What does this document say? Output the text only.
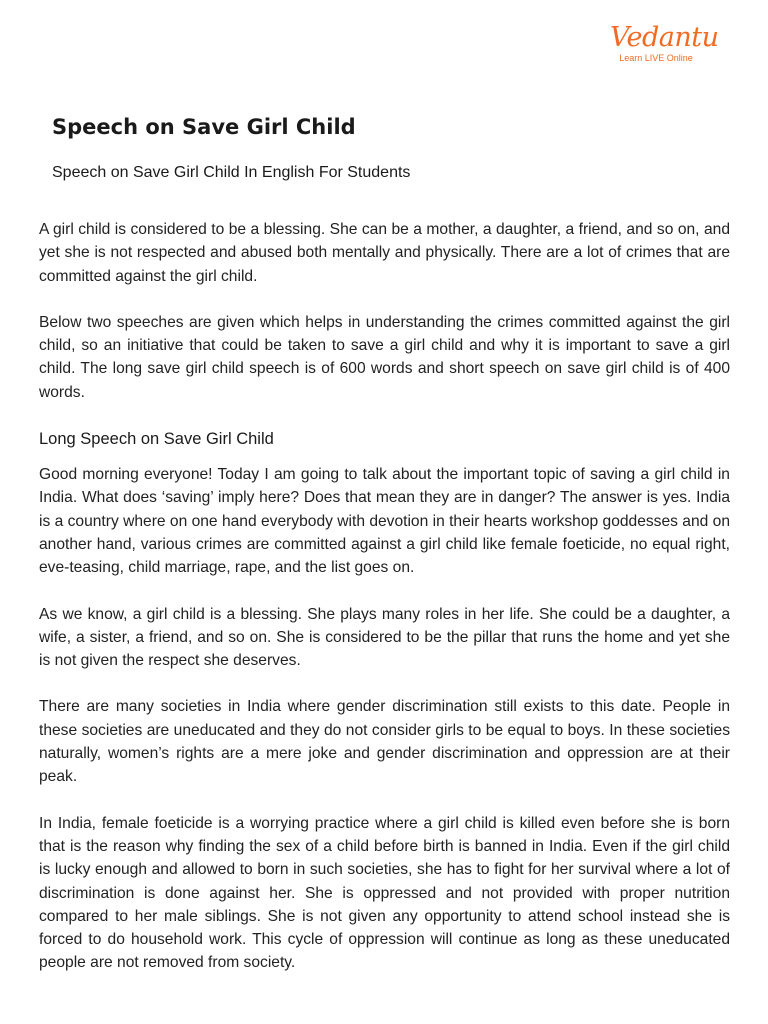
Vedantu
Learn LIVE Online
Speech on Save Girl Child
Speech on Save Girl Child In English For Students

A girl child is considered to be a blessing. She can be a mother, a daughter, a friend, and so on, and yet she is not respected and abused both mentally and physically. There are a lot of crimes that are committed against the girl child.

Below two speeches are given which helps in understanding the crimes committed against the girl child, so an initiative that could be taken to save a girl child and why it is important to save a girl child. The long save girl child speech is of 600 words and short speech on save girl child is of 400 words.

Long Speech on Save Girl Child

Good morning everyone! Today I am going to talk about the important topic of saving a girl child in India. What does ‘saving’ imply here? Does that mean they are in danger? The answer is yes. India is a country where on one hand everybody with devotion in their hearts workshop goddesses and on another hand, various crimes are committed against a girl child like female foeticide, no equal right, eve-teasing, child marriage, rape, and the list goes on.

As we know, a girl child is a blessing. She plays many roles in her life. She could be a daughter, a wife, a sister, a friend, and so on. She is considered to be the pillar that runs the home and yet she is not given the respect she deserves.

There are many societies in India where gender discrimination still exists to this date. People in these societies are uneducated and they do not consider girls to be equal to boys. In these societies naturally, women’s rights are a mere joke and gender discrimination and oppression are at their peak.

In India, female foeticide is a worrying practice where a girl child is killed even before she is born that is the reason why finding the sex of a child before birth is banned in India. Even if the girl child is lucky enough and allowed to born in such societies, she has to fight for her survival where a lot of discrimination is done against her. She is oppressed and not provided with proper nutrition compared to her male siblings. She is not given any opportunity to attend school instead she is forced to do household work. This cycle of oppression will continue as long as these uneducated people are not removed from society.
